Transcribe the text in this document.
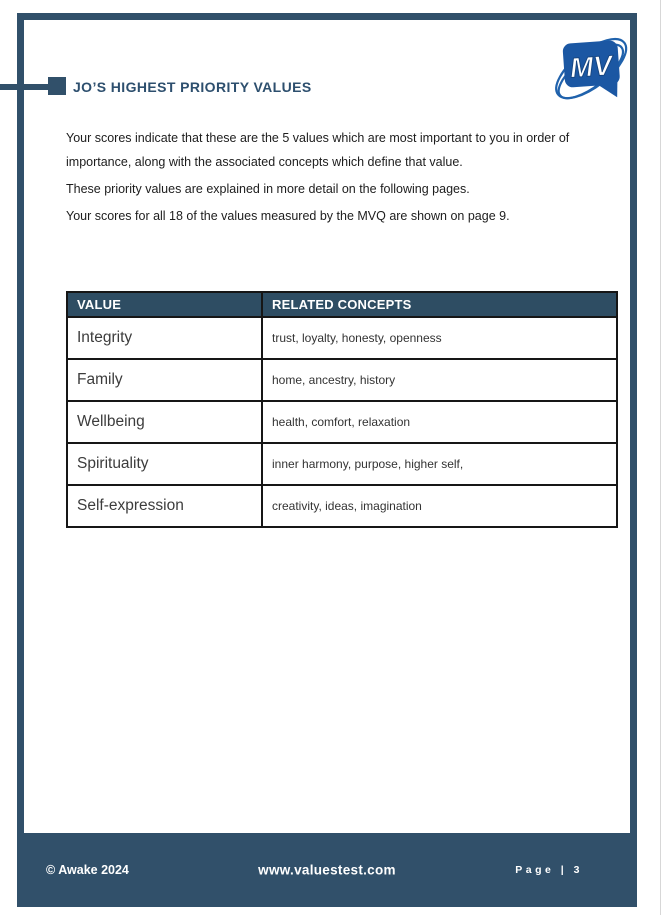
JO’S HIGHEST PRIORITY VALUES
MV

Your scores indicate that these are the 5 values which are most important to you in order of importance, along with the associated concepts which define that value.

These priority values are explained in more detail on the following pages.

Your scores for all 18 of the values measured by the MVQ are shown on page 9.

VALUE	RELATED CONCEPTS
Integrity	trust, loyalty, honesty, openness
Family	home, ancestry, history
Wellbeing	health, comfort, relaxation
Spirituality	inner harmony, purpose, higher self,
Self-expression	creativity, ideas, imagination
© Awake 2024	www.valuestest.com	Page | 3
